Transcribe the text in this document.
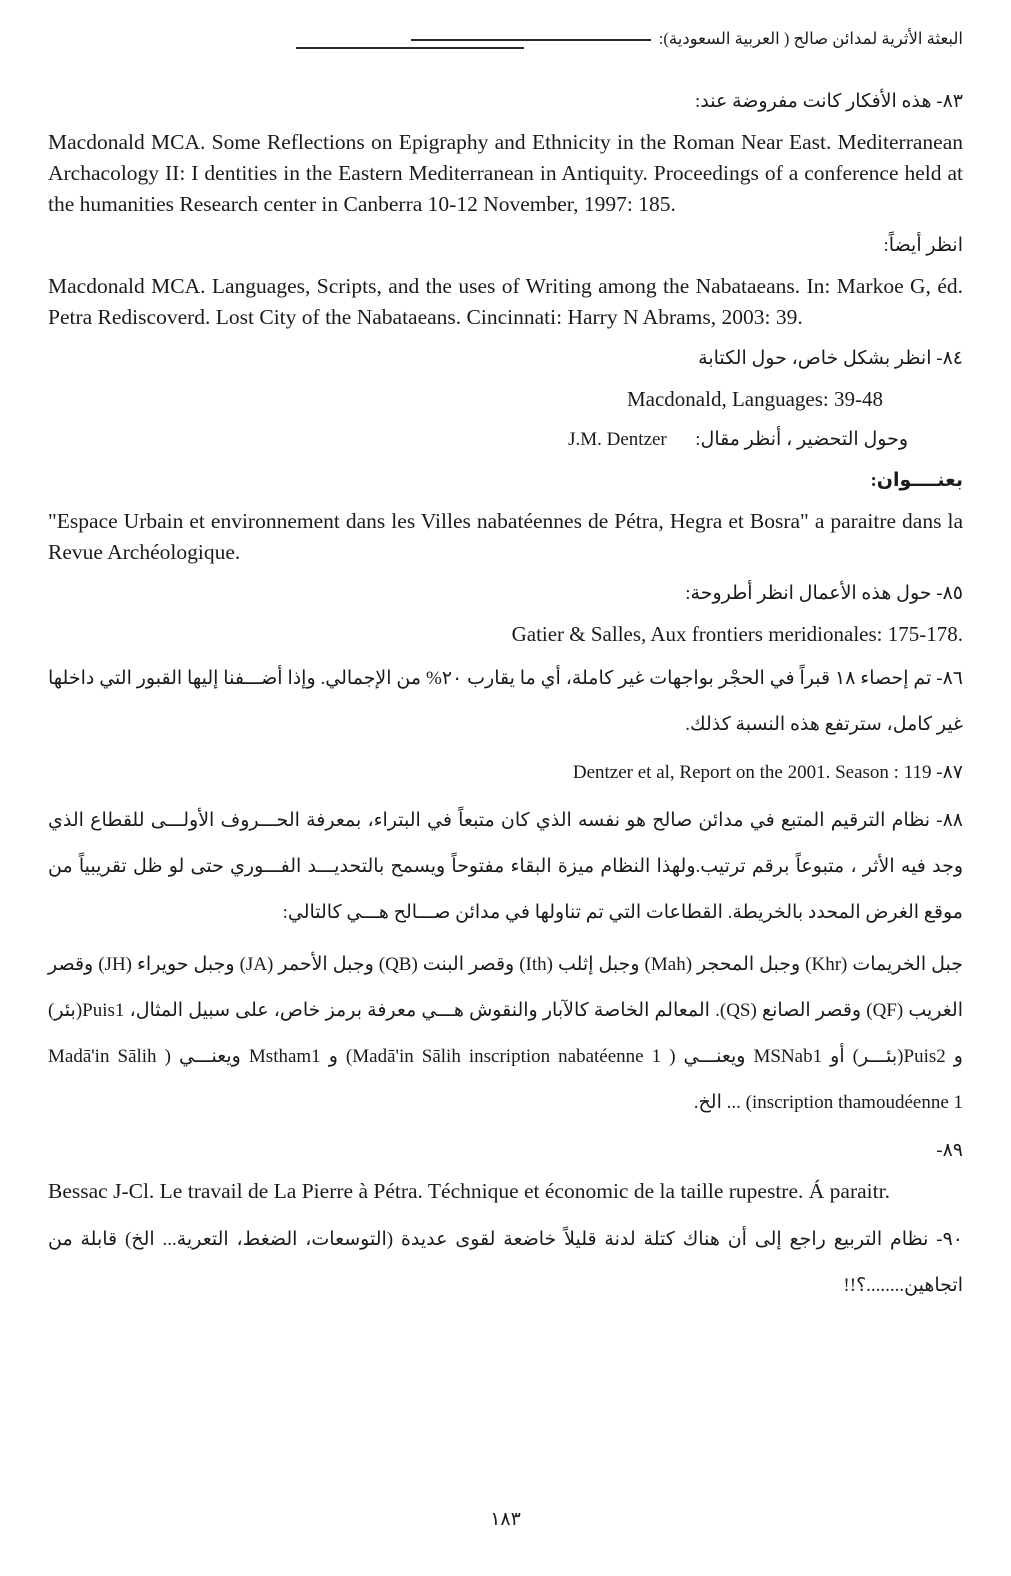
البعثة الأثرية لمدائن صالح ( العربية السعودية):
٨٣- هذه الأفكار كانت مفروضة عند:
Macdonald MCA. Some Reflections on Epigraphy and Ethnicity in the Roman Near East. Mediterranean Archacology II: I dentities in the Eastern Mediterranean in Antiquity. Proceedings of a conference held at the humanities Research center in Canberra 10-12 November, 1997: 185.
انظر أيضاً:
Macdonald MCA. Languages, Scripts, and the uses of Writing among the Nabataeans. In: Markoe G, éd. Petra Rediscoverd. Lost City of the Nabataeans. Cincinnati: Harry N Abrams, 2003: 39.
٨٤- انظر بشكل خاص، حول الكتابة
Macdonald, Languages: 39-48
وحول التحضير ، أنظر مقال:      J.M. Dentzer
بعنــــوان:
"Espace Urbain et environnement dans les Villes nabatéennes de Pétra, Hegra et Bosra" a paraitre dans la Revue Archéologique.
٨٥- حول هذه الأعمال انظر أطروحة:
Gatier & Salles, Aux frontiers meridionales: 175-178.
٨٦- تم إحصاء ١٨ قبراً في الحجْر بواجهات غير كاملة، أي ما يقارب ٢٠% من الإجمالي. وإذا أضـــفنا إليها القبور التي داخلها غير كامل، سترتفع هذه النسبة كذلك.
٨٧- Dentzer et al, Report on the 2001. Season : 119
٨٨- نظام الترقيم المتبع في مدائن صالح هو نفسه الذي كان متبعاً في البتراء، بمعرفة الحـــروف الأولـــى للقطاع الذي وجد فيه الأثر ، متبوعاً برقم ترتيب.ولهذا النظام ميزة البقاء مفتوحاً ويسمح بالتحديـــد الفـــوري حتى لو ظل تقريبياً من موقع الغرض المحدد بالخريطة. القطاعات التي تم تناولها في مدائن صـــالح هـــي كالتالي:
جبل الخريمات (Khr) وجبل المحجر (Mah) وجبل إثلب (Ith) وقصر البنت (QB) وجبل الأحمر (JA) وجبل حويراء (JH) وقصر الغريب (QF) وقصر الصانع (QS). المعالم الخاصة كالآبار والنقوش هـــي معرفة برمز خاص، على سبيل المثال، Puis1(بئر) و Puis2(بئـــر) أو MSNab1 ويعنـــي ( Madā'in Sālih inscription nabatéenne 1) و Mstham1 ويعنـــي ( Madā'in Sālih inscription thamoudéenne 1) ... الخ.
٨٩-
Bessac J-Cl. Le travail de La Pierre à Pétra. Téchnique et économic de la taille rupestre. Á paraitr.
٩٠- نظام التربيع راجع إلى أن هناك كتلة لدنة قليلاً خاضعة لقوى عديدة (التوسعات، الضغط، التعرية... الخ) قابلة من اتجاهين........؟!!
١٨٣
